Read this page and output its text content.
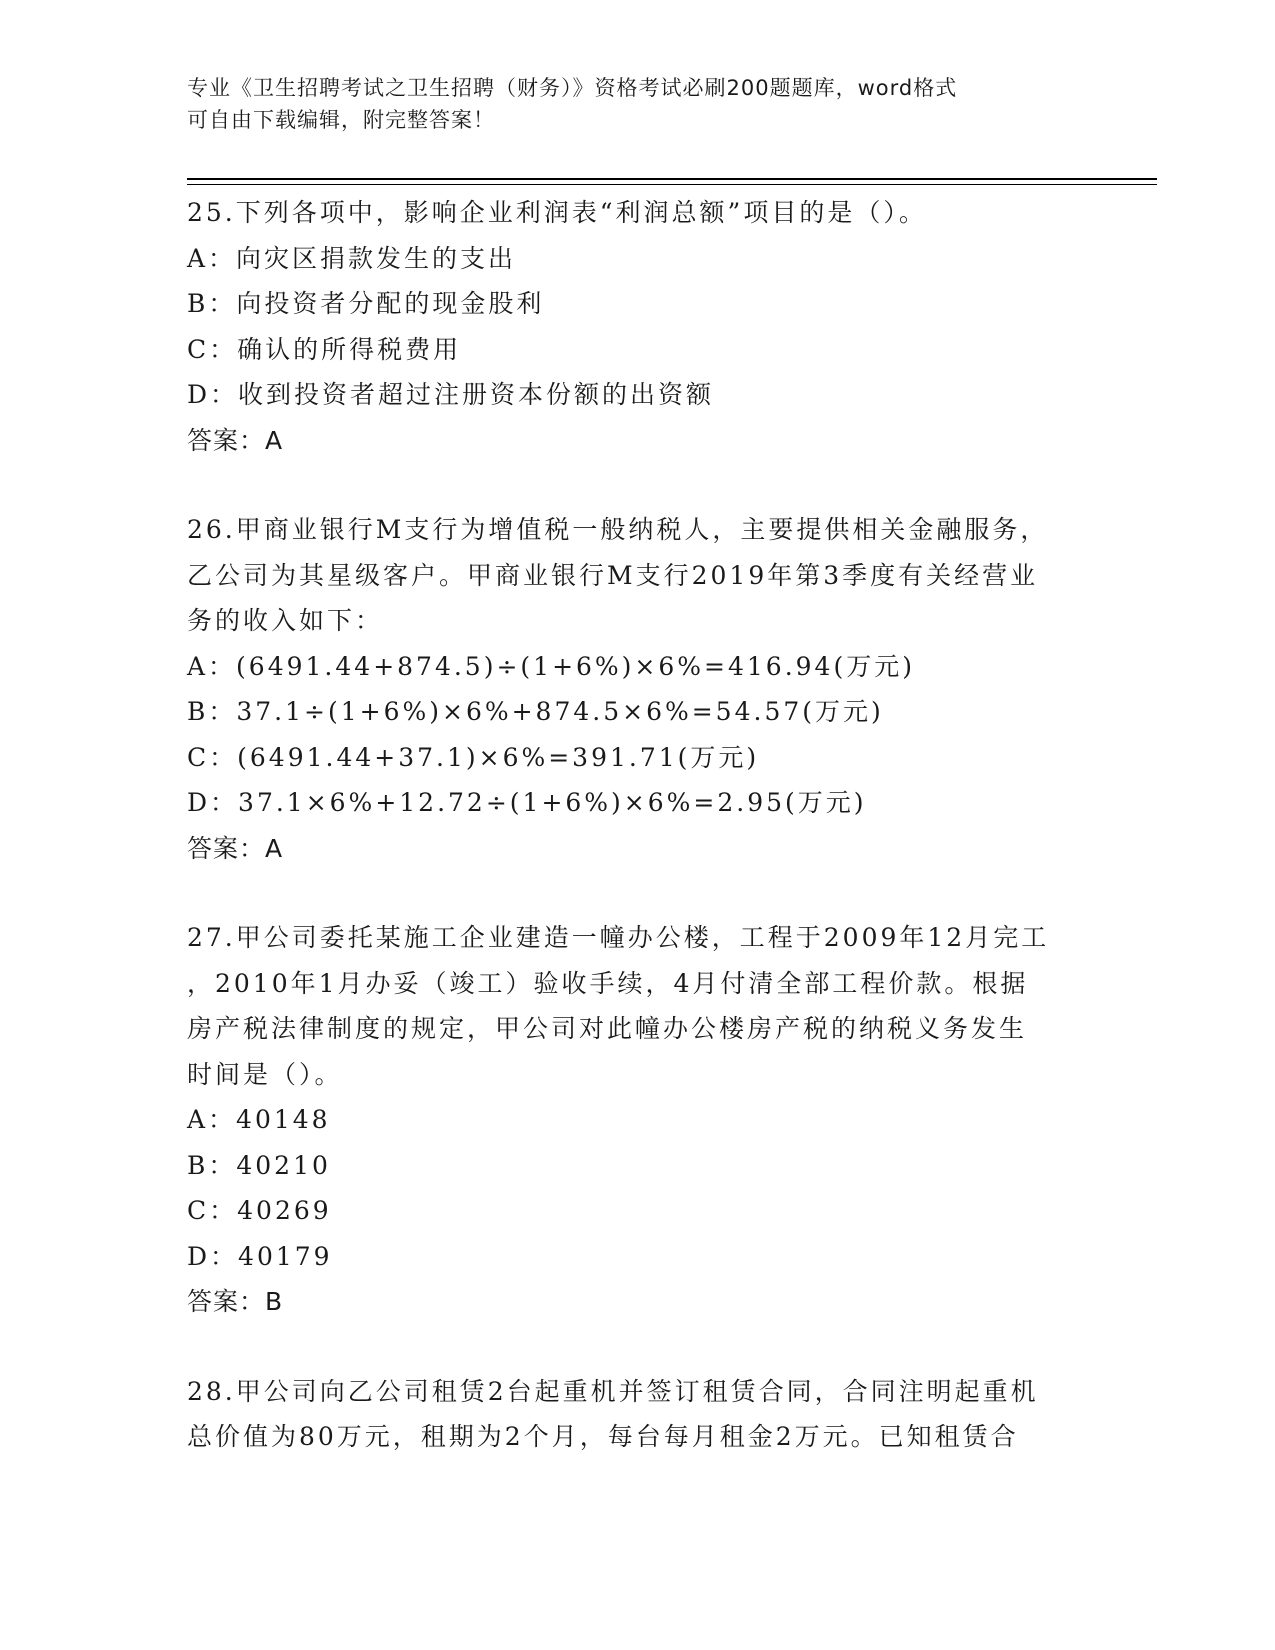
专业《卫生招聘考试之卫生招聘（财务）》资格考试必刷200题题库，word格式
可自由下载编辑，附完整答案！
25.下列各项中，影响企业利润表“利润总额”项目的是（）。
A：向灾区捐款发生的支出
B：向投资者分配的现金股利
C：确认的所得税费用
D：收到投资者超过注册资本份额的出资额
答案：A
26.甲商业银行M支行为增值税一般纳税人，主要提供相关金融服务，
乙公司为其星级客户。甲商业银行M支行2019年第3季度有关经营业
务的收入如下：
A：(6491.44+874.5)÷(1+6%)×6%=416.94(万元)
B：37.1÷(1+6%)×6%+874.5×6%=54.57(万元)
C：(6491.44+37.1)×6%=391.71(万元)
D：37.1×6%+12.72÷(1+6%)×6%=2.95(万元)
答案：A
27.甲公司委托某施工企业建造一幢办公楼，工程于2009年12月完工
，2010年1月办妥（竣工）验收手续，4月付清全部工程价款。根据
房产税法律制度的规定，甲公司对此幢办公楼房产税的纳税义务发生
时间是（）。
A：40148
B：40210
C：40269
D：40179
答案：B
28.甲公司向乙公司租赁2台起重机并签订租赁合同，合同注明起重机
总价值为80万元，租期为2个月，每台每月租金2万元。已知租赁合
